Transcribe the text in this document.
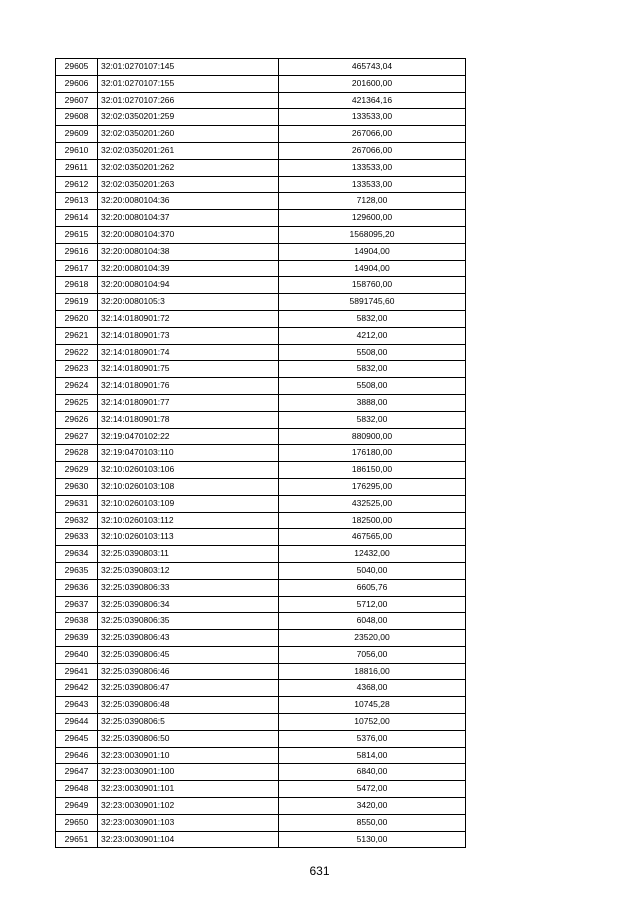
29605	32:01:0270107:145	465743,04
29606	32:01:0270107:155	201600,00
29607	32:01:0270107:266	421364,16
29608	32:02:0350201:259	133533,00
29609	32:02:0350201:260	267066,00
29610	32:02:0350201:261	267066,00
29611	32:02:0350201:262	133533,00
29612	32:02:0350201:263	133533,00
29613	32:20:0080104:36	7128,00
29614	32:20:0080104:37	129600,00
29615	32:20:0080104:370	1568095,20
29616	32:20:0080104:38	14904,00
29617	32:20:0080104:39	14904,00
29618	32:20:0080104:94	158760,00
29619	32:20:0080105:3	5891745,60
29620	32:14:0180901:72	5832,00
29621	32:14:0180901:73	4212,00
29622	32:14:0180901:74	5508,00
29623	32:14:0180901:75	5832,00
29624	32:14:0180901:76	5508,00
29625	32:14:0180901:77	3888,00
29626	32:14:0180901:78	5832,00
29627	32:19:0470102:22	880900,00
29628	32:19:0470103:110	176180,00
29629	32:10:0260103:106	186150,00
29630	32:10:0260103:108	176295,00
29631	32:10:0260103:109	432525,00
29632	32:10:0260103:112	182500,00
29633	32:10:0260103:113	467565,00
29634	32:25:0390803:11	12432,00
29635	32:25:0390803:12	5040,00
29636	32:25:0390806:33	6605,76
29637	32:25:0390806:34	5712,00
29638	32:25:0390806:35	6048,00
29639	32:25:0390806:43	23520,00
29640	32:25:0390806:45	7056,00
29641	32:25:0390806:46	18816,00
29642	32:25:0390806:47	4368,00
29643	32:25:0390806:48	10745,28
29644	32:25:0390806:5	10752,00
29645	32:25:0390806:50	5376,00
29646	32:23:0030901:10	5814,00
29647	32:23:0030901:100	6840,00
29648	32:23:0030901:101	5472,00
29649	32:23:0030901:102	3420,00
29650	32:23:0030901:103	8550,00
29651	32:23:0030901:104	5130,00
631
